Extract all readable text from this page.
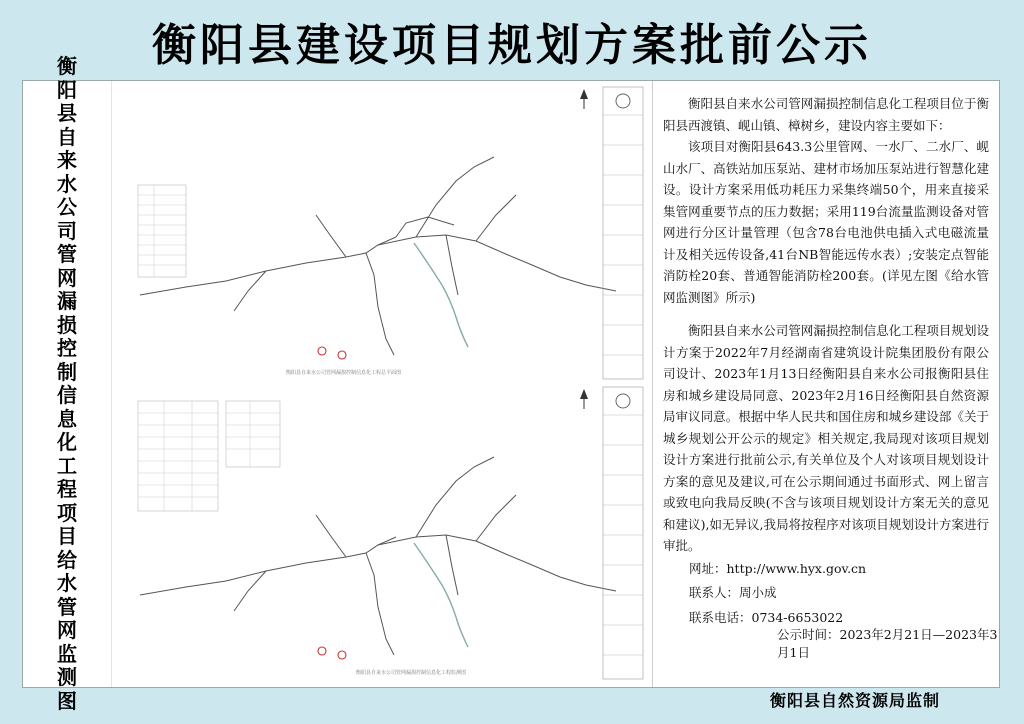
衡阳县建设项目规划方案批前公示
衡
阳
县
自
来
水
公
司
管
网
漏
损
控
制
信
息
化
工
程
项
目
给
水
管
网
监
测
图
衡阳县自来水公司管网漏损控制信息化工程总平面图
衡阳县自来水公司管网漏损控制信息化工程监测图

衡阳县自来水公司管网漏损控制信息化工程项目位于衡阳县西渡镇、岘山镇、樟树乡，建设内容主要如下：

该项目对衡阳县643.3公里管网、一水厂、二水厂、岘山水厂、高铁站加压泵站、建材市场加压泵站进行智慧化建设。设计方案采用低功耗压力采集终端50个，用来直接采集管网重要节点的压力数据；采用119台流量监测设备对管网进行分区计量管理（包含78台电池供电插入式电磁流量计及相关远传设备,41台NB智能远传水表）;安装定点智能消防栓20套、普通智能消防栓200套。(详见左图《给水管网监测图》所示)

衡阳县自来水公司管网漏损控制信息化工程项目规划设计方案于2022年7月经湖南省建筑设计院集团股份有限公司设计、2023年1月13日经衡阳县自来水公司报衡阳县住房和城乡建设局同意、2023年2月16日经衡阳县自然资源局审议同意。根据中华人民共和国住房和城乡建设部《关于城乡规划公开公示的规定》相关规定,我局现对该项目规划设计方案进行批前公示,有关单位及个人对该项目规划设计方案的意见及建议,可在公示期间通过书面形式、网上留言或致电向我局反映(不含与该项目规划设计方案无关的意见和建议),如无异议,我局将按程序对该项目规划设计方案进行审批。

网址：http://www.hyx.gov.cn
联系人：周小成
联系电话：0734-6653022
公示时间：2023年2月21日—2023年3月1日
衡阳县自然资源局监制
